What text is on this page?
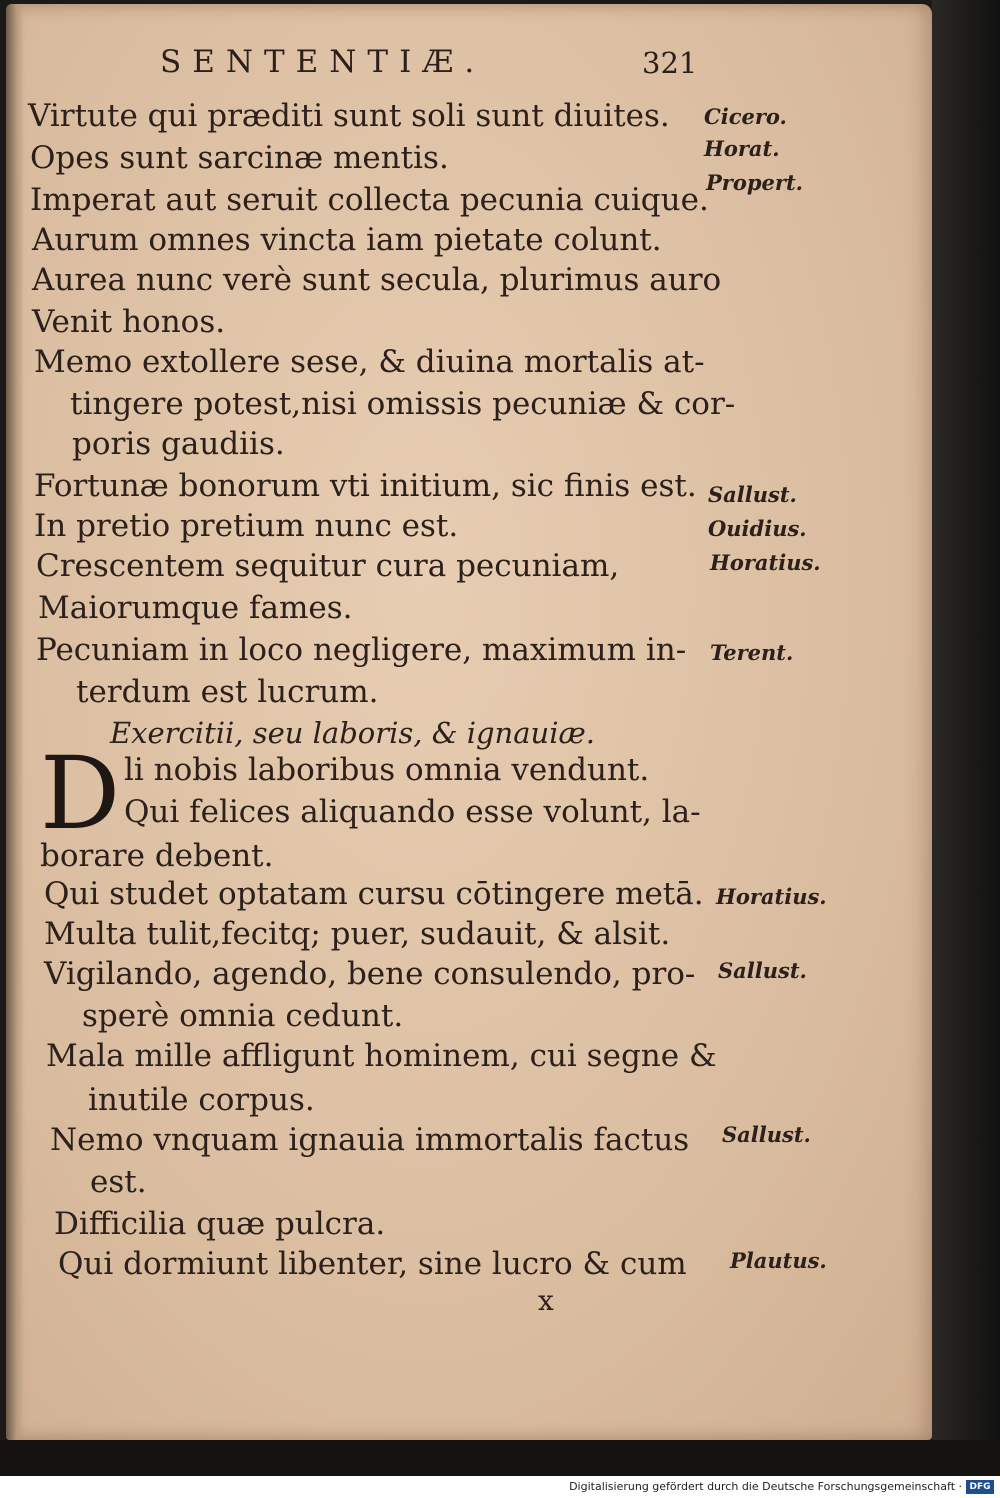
SENTENTIÆ.	321
Virtute qui præditi sunt soli sunt diuites.
Opes sunt sarcinæ mentis.
Imperat aut seruit collecta pecunia cuique.
Aurum omnes vincta iam pietate colunt.
Aurea nunc verè sunt secula, plurimus auro
Venit honos.
Memo extollere sese, & diuina mortalis at-
tingere potest,nisi omissis pecuniæ & cor-
poris gaudiis.
Fortunæ bonorum vti initium, sic finis est.
In pretio pretium nunc est.
Crescentem sequitur cura pecuniam,
Maiorumque fames.
Pecuniam in loco negligere, maximum in-
terdum est lucrum.
Exercitii, seu laboris, & ignauiæ.
D li nobis laboribus omnia vendunt.
Qui felices aliquando esse volunt, la-
borare debent.
Qui studet optatam cursu cōtingere metā.
Multa tulit,fecitq; puer, sudauit, & alsit.
Vigilando, agendo, bene consulendo, pro-
sperè omnia cedunt.
Mala mille affligunt hominem, cui segne &
inutile corpus.
Nemo vnquam ignauia immortalis factus
est.
Difficilia quæ pulcra.
Qui dormiunt libenter, sine lucro & cum
Cicero.
Horat.
Propert.
Sallust.
Ouidius.
Horatius.
Terent.
Horatius.
Sallust.
Sallust.
Plautus.
x
Digitalisierung gefördert durch die Deutsche Forschungsgemeinschaft · DFG
